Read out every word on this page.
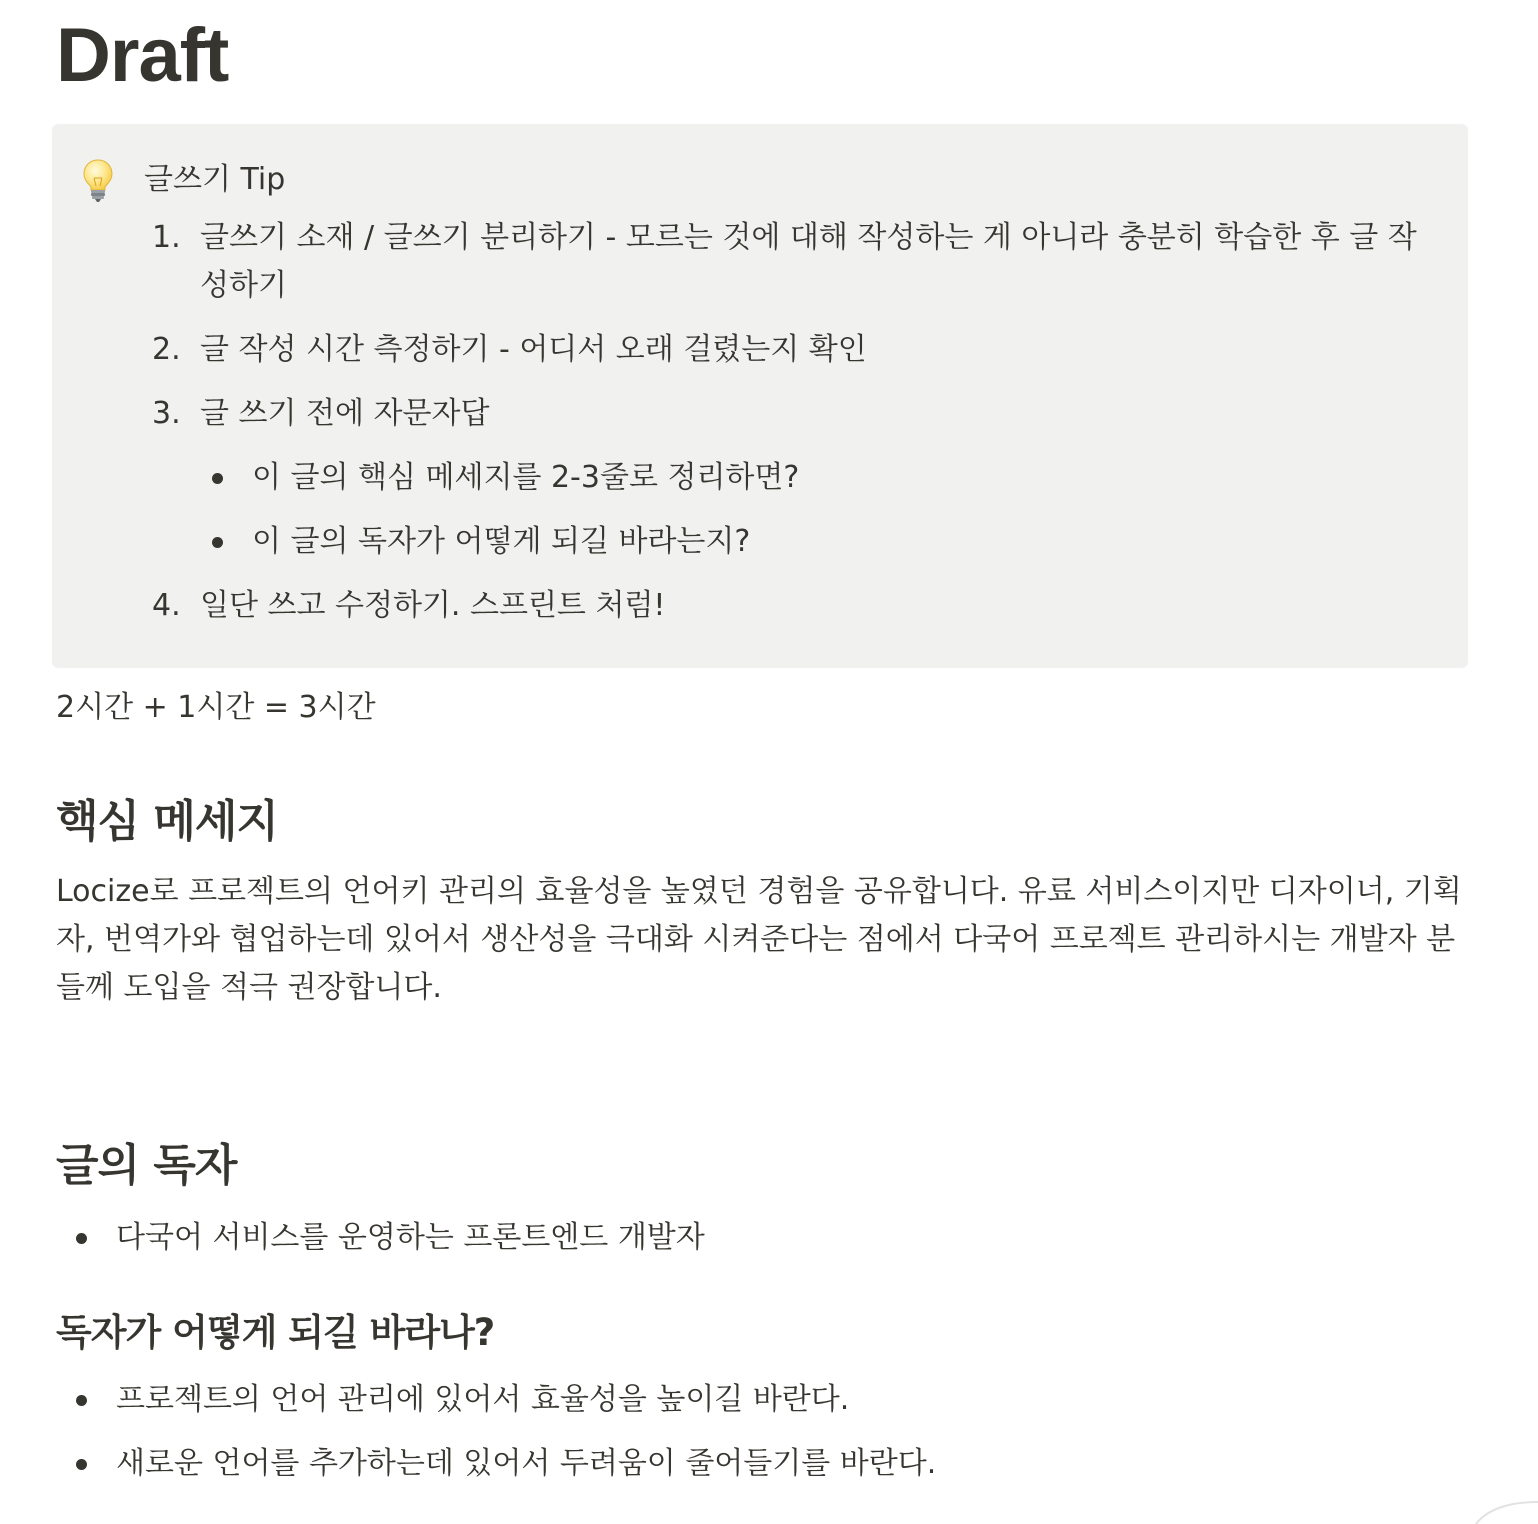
Draft
글쓰기 Tip
1. 글쓰기 소재 / 글쓰기 분리하기 - 모르는 것에 대해 작성하는 게 아니라 충분히 학습한 후 글 작성하기
2. 글 작성 시간 측정하기 - 어디서 오래 걸렸는지 확인
3. 글 쓰기 전에 자문자답
이 글의 핵심 메세지를 2-3줄로 정리하면?
이 글의 독자가 어떻게 되길 바라는지?
4. 일단 쓰고 수정하기. 스프린트 처럼!
2시간 + 1시간 = 3시간
핵심 메세지

Locize로 프로젝트의 언어키 관리의 효율성을 높였던 경험을 공유합니다. 유료 서비스이지만 디자이너, 기획자, 번역가와 협업하는데 있어서 생산성을 극대화 시켜준다는 점에서 다국어 프로젝트 관리하시는 개발자 분들께 도입을 적극 권장합니다.

글의 독자
다국어 서비스를 운영하는 프론트엔드 개발자
독자가 어떻게 되길 바라나?
프로젝트의 언어 관리에 있어서 효율성을 높이길 바란다.
새로운 언어를 추가하는데 있어서 두려움이 줄어들기를 바란다.
